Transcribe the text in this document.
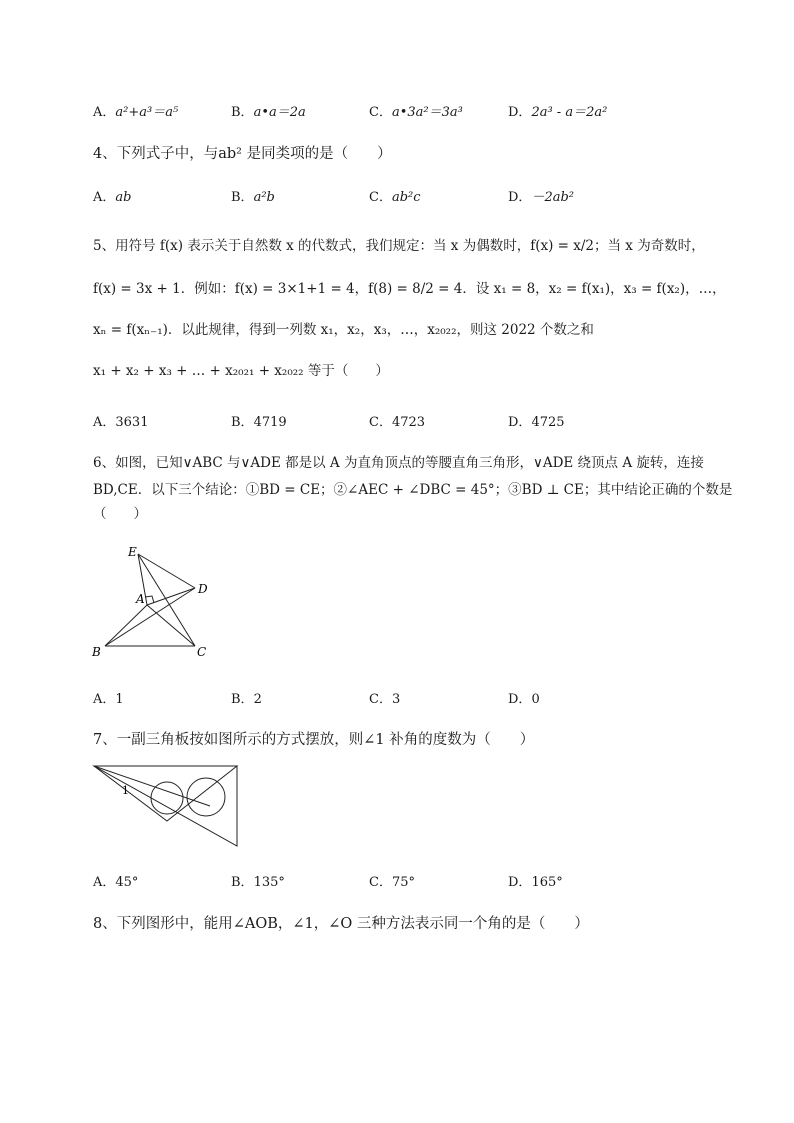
A．a²+a³＝a⁵	B．a•a＝2a	C．a•3a²＝3a³	D．2a³ - a＝2a²
4、下列式子中，与ab² 是同类项的是（　　）
A．ab	B．a²b	C．ab²c	D．－2ab²
5、用符号 f(x) 表示关于自然数 x 的代数式，我们规定：当 x 为偶数时，f(x) = x/2；当 x 为奇数时，
f(x) = 3x + 1．例如：f(x) = 3×1+1 = 4，f(8) = 8/2 = 4．设 x₁ = 8，x₂ = f(x₁)，x₃ = f(x₂)，…，
xₙ = f(xₙ₋₁)．以此规律，得到一列数 x₁，x₂，x₃，…，x₂₀₂₂，则这 2022 个数之和
x₁ + x₂ + x₃ + … + x₂₀₂₁ + x₂₀₂₂ 等于（　　）
A．3631	B．4719	C．4723	D．4725
6、如图，已知∨ABC 与∨ADE 都是以 A 为直角顶点的等腰直角三角形，∨ADE 绕顶点 A 旋转，连接
BD,CE．以下三个结论：①BD = CE；②∠AEC + ∠DBC = 45°；③BD ⊥ CE；其中结论正确的个数是
（　　）
E
A
D
B	C
A．1	B．2	C．3	D．0
7、一副三角板按如图所示的方式摆放，则∠1 补角的度数为（　　）
1
A．45°	B．135°	C．75°	D．165°
8、下列图形中，能用∠AOB，∠1，∠O 三种方法表示同一个角的是（　　）
